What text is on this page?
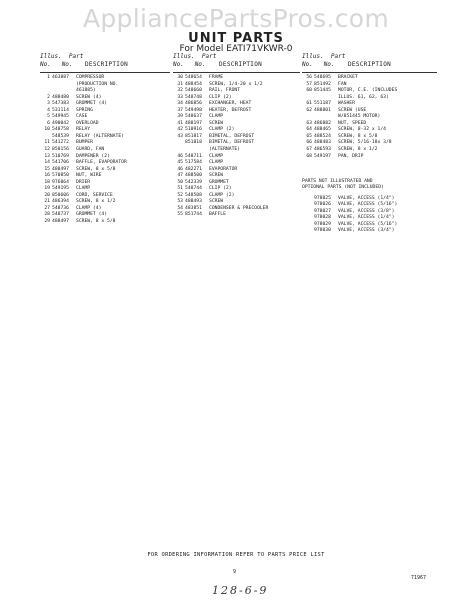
AppliancePartsPros.com
UNIT PARTS
For Model EATI71VKWR-0
Illus. Part
No. No. DESCRIPTION
1 463887 COMPRESSOR
(PRODUCTION NO.
461885)
2 488480 SCREW (4)
3 547383 GROMMET (4)
4 531114 SPRING
5 549945 CASE
6 490042 OVERLOAD
10 548758 RELAY
548539 RELAY (ALTERNATE)
11 541272 BUMPER
12 850156 GUARD, FAN
13 510769 DAMPENER (2)
14 541706 BAFFLE, EVAPORATOR
15 488497 SCREW, 8 x 5/8
16 570850 NUT, WIRE
18 976064 DRIER
19 549195 CLAMP
20 850606 CORD, SERVICE
21 486394 SCREW, 8 x 1/2
27 548736 CLAMP (4)
28 548737 GROMMET (4)
29 488497 SCREW, 8 x 5/8
Illus. Part
No. No. DESCRIPTION
30 548654 FRAME
31 488454 SCREW, 1/4-20 x 1/2
32 548660 RAIL, FRONT
33 548748 CLIP (2)
34 486856 EXCHANGER, HEAT
37 549498 HEATER, DEFROST
39 548637 CLAMP
41 488197 SCREW
42 510916 CLAMP (2)
43 851817 BIMETAL, DEFROST
851818 BIMETAL, DEFROST
(ALTERNATE)
46 548711 CLAMP
45 517584 CLAMP
46 482271 EVAPORATOR
47 488500 SCREW
50 542339 GROMMET
51 548744 CLIP (2)
52 548508 CLAMP (2)
53 488493 SCREW
54 483851 CONDENSER & PRECOOLER
55 851744 BAFFLE
Illus. Part
No. No. DESCRIPTION
56 548695 BRACKET
57 851492 FAN
60 851445 MOTOR, C.E. (INCLUDES
ILLUS. 61, 62, 63)
61 551187 WASHER
62 488801 SCREW (USE
W/851445 MOTOR)
63 486882 NUT, SPEED
64 488465 SCREW, 8-32 x 1/4
65 488524 SCREW, 8 x 5/8
66 488483 SCREW, 5/16-18x 3/8
67 486593 SCREW, 8 x 1/2
68 549197 PAN, DRIP
PARTS NOT ILLUSTRATED AND
OPTIONAL PARTS (NOT INCLUDED)
978025 VALVE, ACCESS (1/4")
978026 VALVE, ACCESS (5/16")
978027 VALVE, ACCESS (3/8")
978028 VALVE, ACCESS (1/4")
978029 VALVE, ACCESS (5/16")
978030 VALVE, ACCESS (3/4")
FOR ORDERING INFORMATION REFER TO PARTS PRICE LIST
9
71967
128-6-9
